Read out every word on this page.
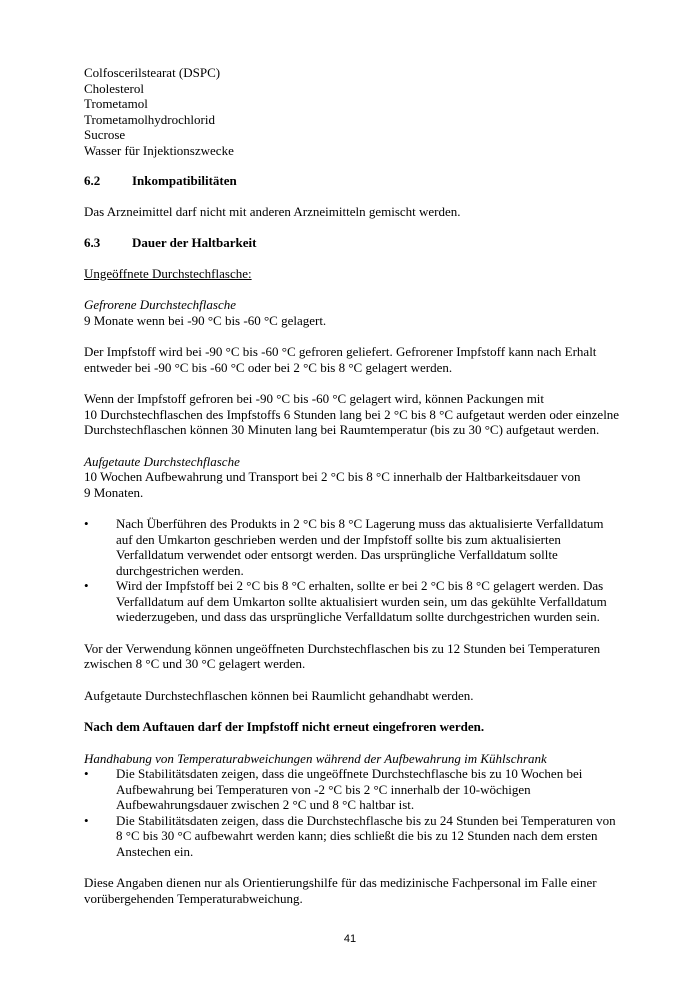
Colfoscerilstearat (DSPC)
Cholesterol
Trometamol
Trometamolhydrochlorid
Sucrose
Wasser für Injektionszwecke
6.2	Inkompatibilitäten
Das Arzneimittel darf nicht mit anderen Arzneimitteln gemischt werden.
6.3	Dauer der Haltbarkeit
Ungeöffnete Durchstechflasche:
Gefrorene Durchstechflasche
9 Monate wenn bei -90 °C bis -60 °C gelagert.
Der Impfstoff wird bei -90 °C bis -60 °C gefroren geliefert. Gefrorener Impfstoff kann nach Erhalt
entweder bei -90 °C bis -60 °C oder bei 2 °C bis 8 °C gelagert werden.
Wenn der Impfstoff gefroren bei -90 °C bis -60 °C gelagert wird, können Packungen mit
10 Durchstechflaschen des Impfstoffs 6 Stunden lang bei 2 °C bis 8 °C aufgetaut werden oder einzelne
Durchstechflaschen können 30 Minuten lang bei Raumtemperatur (bis zu 30 °C) aufgetaut werden.
Aufgetaute Durchstechflasche
10 Wochen Aufbewahrung und Transport bei 2 °C bis 8 °C innerhalb der Haltbarkeitsdauer von
9 Monaten.
•	Nach Überführen des Produkts in 2 °C bis 8 °C Lagerung muss das aktualisierte Verfalldatum
auf den Umkarton geschrieben werden und der Impfstoff sollte bis zum aktualisierten
Verfalldatum verwendet oder entsorgt werden. Das ursprüngliche Verfalldatum sollte
durchgestrichen werden.
•	Wird der Impfstoff bei 2 °C bis 8 °C erhalten, sollte er bei 2 °C bis 8 °C gelagert werden. Das
Verfalldatum auf dem Umkarton sollte aktualisiert wurden sein, um das gekühlte Verfalldatum
wiederzugeben, und dass das ursprüngliche Verfalldatum sollte durchgestrichen wurden sein.
Vor der Verwendung können ungeöffneten Durchstechflaschen bis zu 12 Stunden bei Temperaturen
zwischen 8 °C und 30 °C gelagert werden.
Aufgetaute Durchstechflaschen können bei Raumlicht gehandhabt werden.
Nach dem Auftauen darf der Impfstoff nicht erneut eingefroren werden.
Handhabung von Temperaturabweichungen während der Aufbewahrung im Kühlschrank
•	Die Stabilitätsdaten zeigen, dass die ungeöffnete Durchstechflasche bis zu 10 Wochen bei
Aufbewahrung bei Temperaturen von -2 °C bis 2 °C innerhalb der 10-wöchigen
Aufbewahrungsdauer zwischen 2 °C und 8 °C haltbar ist.
•	Die Stabilitätsdaten zeigen, dass die Durchstechflasche bis zu 24 Stunden bei Temperaturen von
8 °C bis 30 °C aufbewahrt werden kann; dies schließt die bis zu 12 Stunden nach dem ersten
Anstechen ein.
Diese Angaben dienen nur als Orientierungshilfe für das medizinische Fachpersonal im Falle einer
vorübergehenden Temperaturabweichung.
41
